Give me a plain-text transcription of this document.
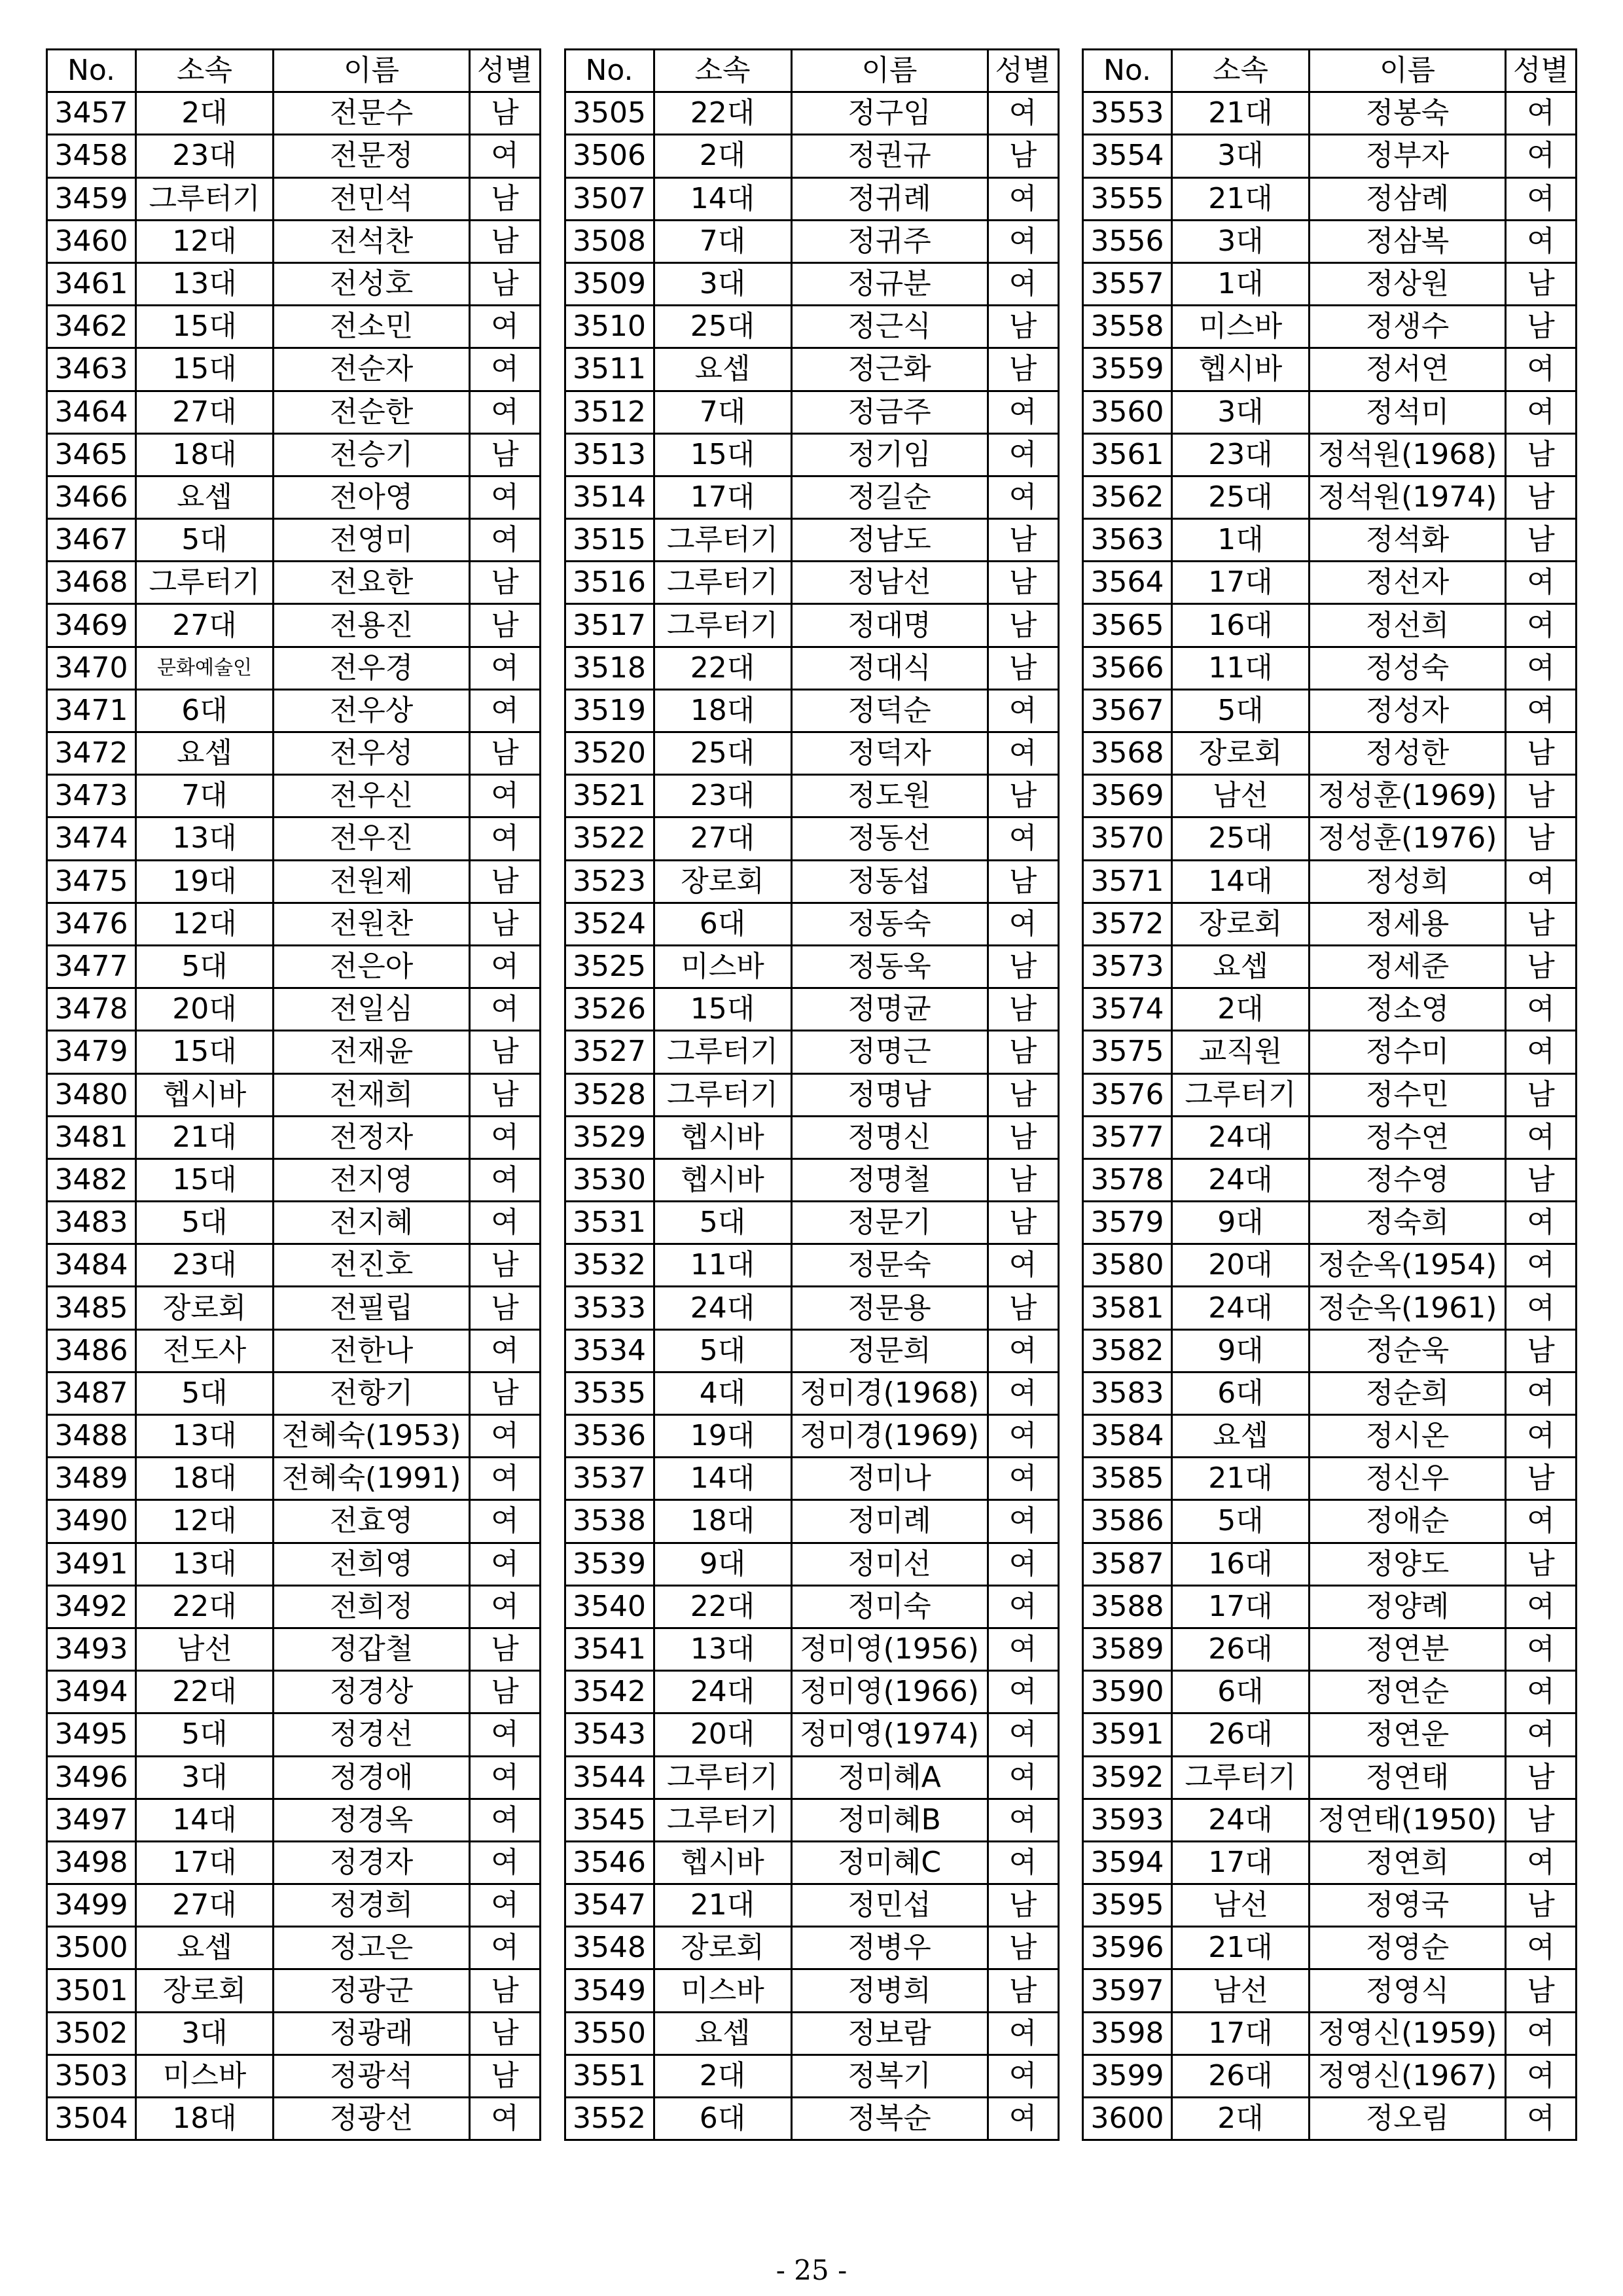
No.	소속	이름	성별
3457	2대	전문수	남
3458	23대	전문정	여
3459	그루터기	전민석	남
3460	12대	전석찬	남
3461	13대	전성호	남
3462	15대	전소민	여
3463	15대	전순자	여
3464	27대	전순한	여
3465	18대	전승기	남
3466	요셉	전아영	여
3467	5대	전영미	여
3468	그루터기	전요한	남
3469	27대	전용진	남
3470	문화예술인	전우경	여
3471	6대	전우상	여
3472	요셉	전우성	남
3473	7대	전우신	여
3474	13대	전우진	여
3475	19대	전원제	남
3476	12대	전원찬	남
3477	5대	전은아	여
3478	20대	전일심	여
3479	15대	전재윤	남
3480	헵시바	전재희	남
3481	21대	전정자	여
3482	15대	전지영	여
3483	5대	전지혜	여
3484	23대	전진호	남
3485	장로회	전필립	남
3486	전도사	전한나	여
3487	5대	전항기	남
3488	13대	전혜숙(1953)	여
3489	18대	전혜숙(1991)	여
3490	12대	전효영	여
3491	13대	전희영	여
3492	22대	전희정	여
3493	남선	정갑철	남
3494	22대	정경상	남
3495	5대	정경선	여
3496	3대	정경애	여
3497	14대	정경옥	여
3498	17대	정경자	여
3499	27대	정경희	여
3500	요셉	정고은	여
3501	장로회	정광군	남
3502	3대	정광래	남
3503	미스바	정광석	남
3504	18대	정광선	여
No.	소속	이름	성별
3505	22대	정구임	여
3506	2대	정권규	남
3507	14대	정귀례	여
3508	7대	정귀주	여
3509	3대	정규분	여
3510	25대	정근식	남
3511	요셉	정근화	남
3512	7대	정금주	여
3513	15대	정기임	여
3514	17대	정길순	여
3515	그루터기	정남도	남
3516	그루터기	정남선	남
3517	그루터기	정대명	남
3518	22대	정대식	남
3519	18대	정덕순	여
3520	25대	정덕자	여
3521	23대	정도원	남
3522	27대	정동선	여
3523	장로회	정동섭	남
3524	6대	정동숙	여
3525	미스바	정동욱	남
3526	15대	정명균	남
3527	그루터기	정명근	남
3528	그루터기	정명남	남
3529	헵시바	정명신	남
3530	헵시바	정명철	남
3531	5대	정문기	남
3532	11대	정문숙	여
3533	24대	정문용	남
3534	5대	정문희	여
3535	4대	정미경(1968)	여
3536	19대	정미경(1969)	여
3537	14대	정미나	여
3538	18대	정미례	여
3539	9대	정미선	여
3540	22대	정미숙	여
3541	13대	정미영(1956)	여
3542	24대	정미영(1966)	여
3543	20대	정미영(1974)	여
3544	그루터기	정미혜A	여
3545	그루터기	정미혜B	여
3546	헵시바	정미혜C	여
3547	21대	정민섭	남
3548	장로회	정병우	남
3549	미스바	정병희	남
3550	요셉	정보람	여
3551	2대	정복기	여
3552	6대	정복순	여
No.	소속	이름	성별
3553	21대	정봉숙	여
3554	3대	정부자	여
3555	21대	정삼례	여
3556	3대	정삼복	여
3557	1대	정상원	남
3558	미스바	정생수	남
3559	헵시바	정서연	여
3560	3대	정석미	여
3561	23대	정석원(1968)	남
3562	25대	정석원(1974)	남
3563	1대	정석화	남
3564	17대	정선자	여
3565	16대	정선희	여
3566	11대	정성숙	여
3567	5대	정성자	여
3568	장로회	정성한	남
3569	남선	정성훈(1969)	남
3570	25대	정성훈(1976)	남
3571	14대	정성희	여
3572	장로회	정세용	남
3573	요셉	정세준	남
3574	2대	정소영	여
3575	교직원	정수미	여
3576	그루터기	정수민	남
3577	24대	정수연	여
3578	24대	정수영	남
3579	9대	정숙희	여
3580	20대	정순옥(1954)	여
3581	24대	정순옥(1961)	여
3582	9대	정순욱	남
3583	6대	정순희	여
3584	요셉	정시온	여
3585	21대	정신우	남
3586	5대	정애순	여
3587	16대	정양도	남
3588	17대	정양례	여
3589	26대	정연분	여
3590	6대	정연순	여
3591	26대	정연운	여
3592	그루터기	정연태	남
3593	24대	정연태(1950)	남
3594	17대	정연희	여
3595	남선	정영국	남
3596	21대	정영순	여
3597	남선	정영식	남
3598	17대	정영신(1959)	여
3599	26대	정영신(1967)	여
3600	2대	정오림	여
- 25 -
